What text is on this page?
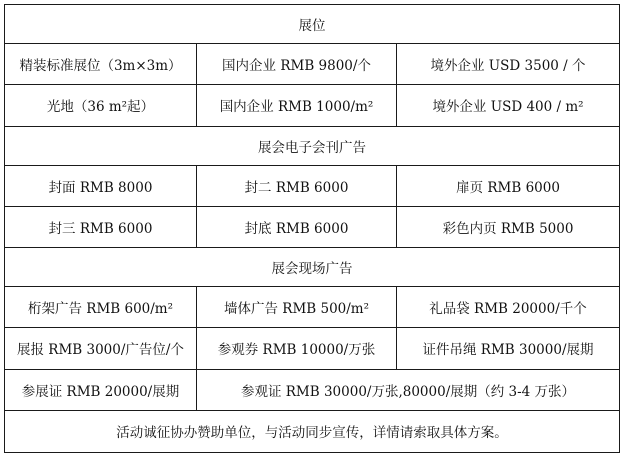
展位		
精装标准展位（3m×3m）	国内企业 RMB 9800/个	境外企业 USD 3500 / 个
光地（36 m²起）	国内企业 RMB 1000/m²	境外企业 USD 400 / m²
展会电子会刊广告		
封面 RMB 8000	封二 RMB 6000	扉页 RMB 6000
封三 RMB 6000	封底 RMB 6000	彩色内页 RMB 5000
展会现场广告		
桁架广告 RMB 600/m²	墙体广告 RMB 500/m²	礼品袋 RMB 20000/千个
展报 RMB 3000/广告位/个	参观券 RMB 10000/万张	证件吊绳 RMB 30000/展期
参展证 RMB 20000/展期	参观证 RMB 30000/万张,80000/展期（约 3-4 万张）	
活动诚征协办赞助单位，与活动同步宣传，详情请索取具体方案。		
